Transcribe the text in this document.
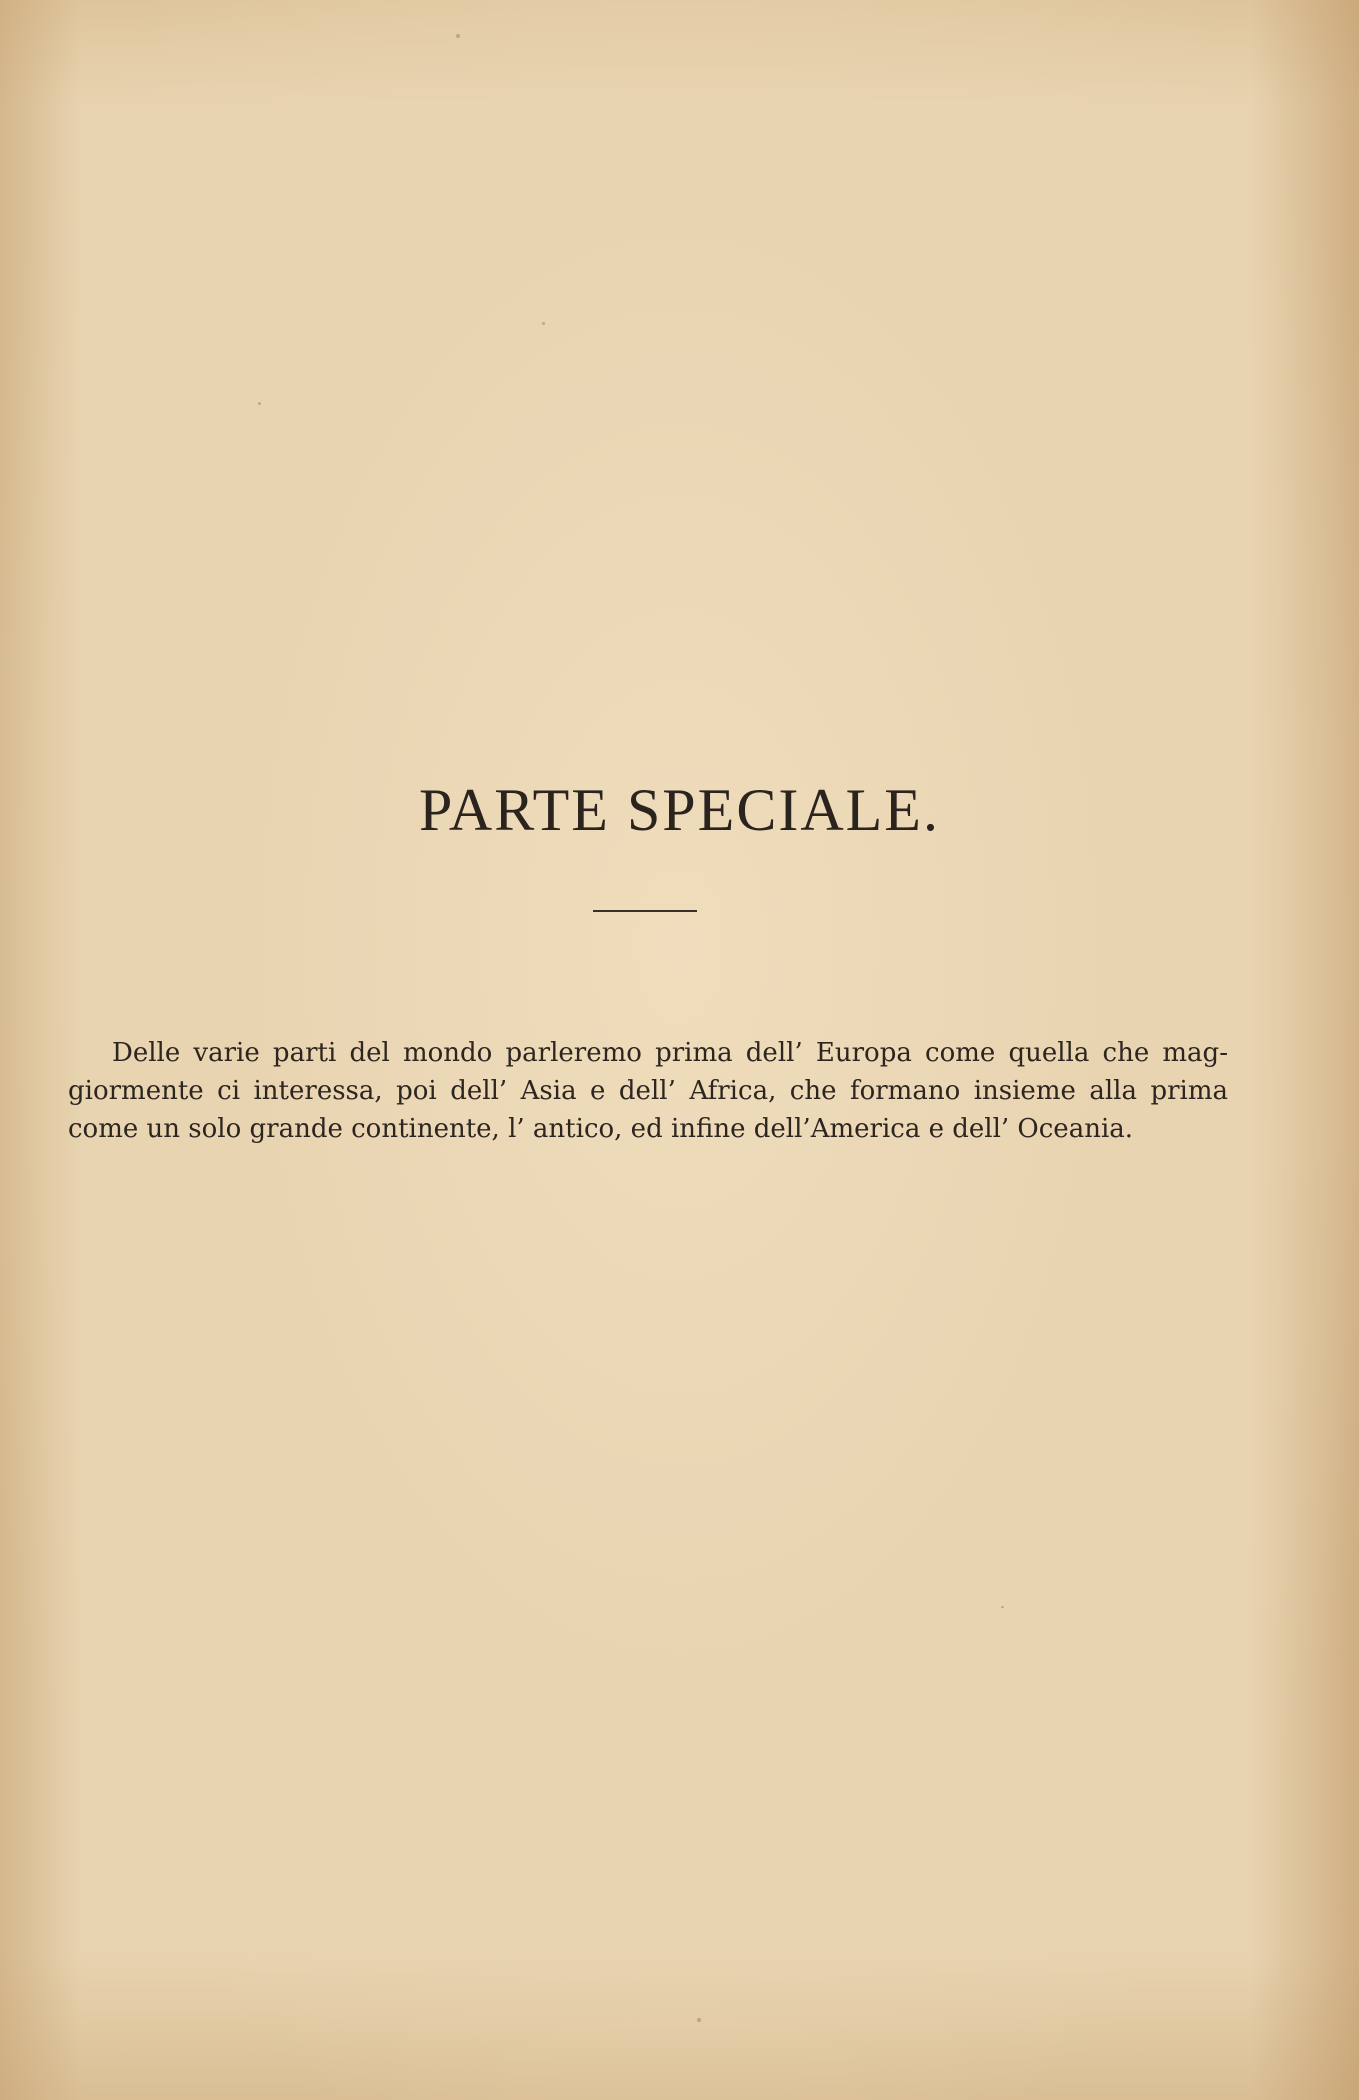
PARTE SPECIALE.
Delle varie parti del mondo parleremo prima dell’ Europa come quella che mag-
giormente ci interessa, poi dell’ Asia e dell’ Africa, che formano insieme alla prima
come un solo grande continente, l’ antico, ed infine dell’America e dell’ Oceania.
